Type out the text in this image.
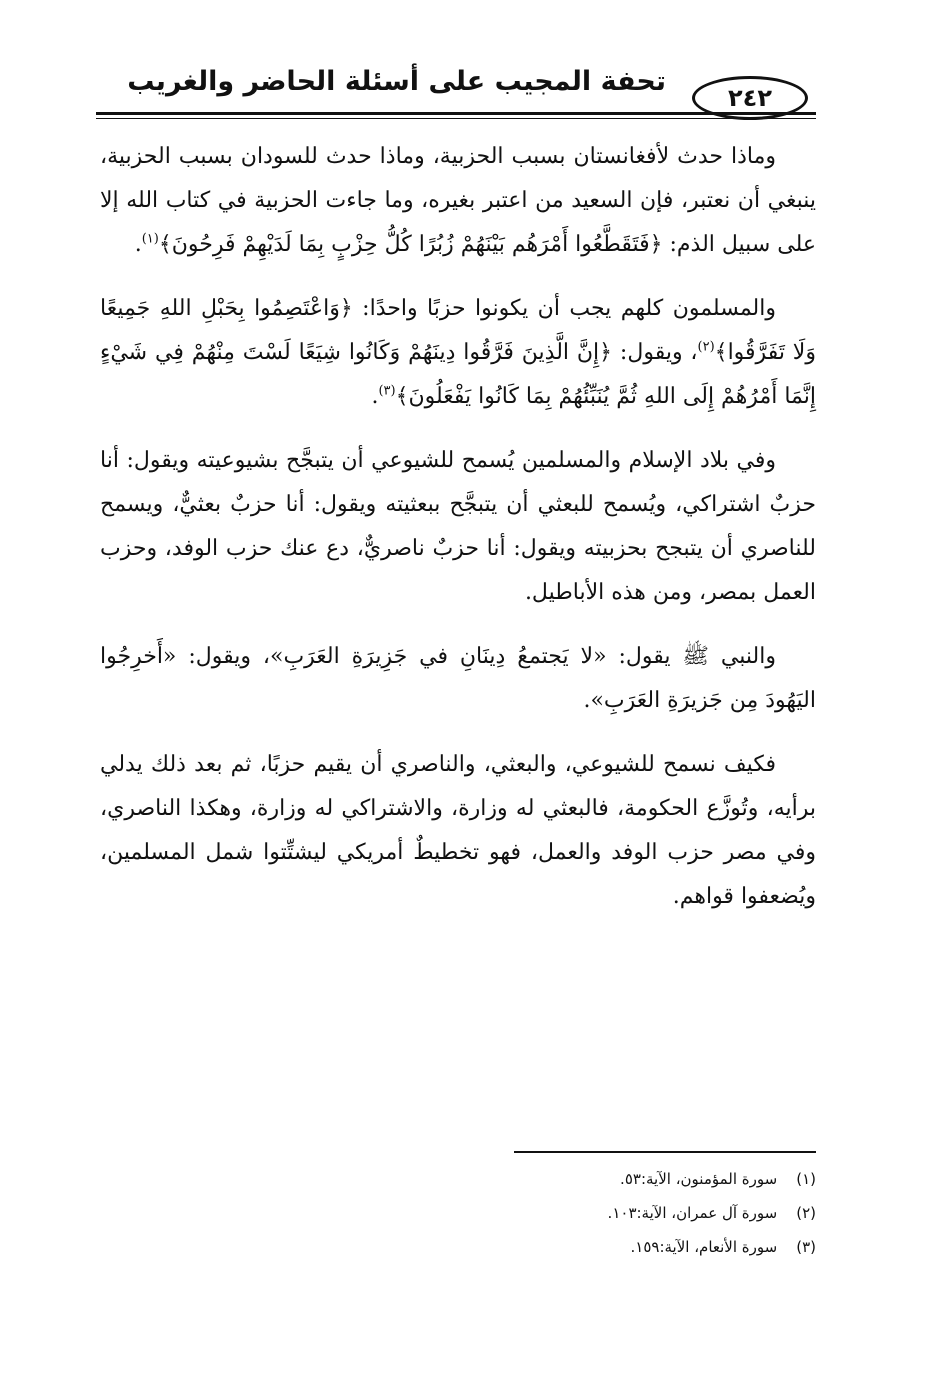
تحفة المجيب على أسئلة الحاضر والغريب
٢٤٢

وماذا حدث لأفغانستان بسبب الحزبية، وماذا حدث للسودان بسبب الحزبية، ينبغي أن نعتبر، فإن السعيد من اعتبر بغيره، وما جاءت الحزبية في كتاب الله إلا على سبيل الذم: ﴿فَتَقَطَّعُوا أَمْرَهُم بَيْنَهُمْ زُبُرًا كُلُّ حِزْبٍ بِمَا لَدَيْهِمْ فَرِحُونَ﴾$^{(١)}$.

والمسلمون كلهم يجب أن يكونوا حزبًا واحدًا: ﴿وَاعْتَصِمُوا بِحَبْلِ اللهِ جَمِيعًا وَلَا تَفَرَّقُوا﴾$^{(٢)}$، ويقول: ﴿إِنَّ الَّذِينَ فَرَّقُوا دِينَهُمْ وَكَانُوا شِيَعًا لَسْتَ مِنْهُمْ فِي شَيْءٍ إِنَّمَا أَمْرُهُمْ إِلَى اللهِ ثُمَّ يُنَبِّئُهُمْ بِمَا كَانُوا يَفْعَلُونَ﴾$^{(٣)}$.

وفي بلاد الإسلام والمسلمين يُسمح للشيوعي أن يتبجَّح بشيوعيته ويقول: أنا حزبٌ اشتراكي، ويُسمح للبعثي أن يتبجَّح ببعثيته ويقول: أنا حزبٌ بعثيٌّ، ويسمح للناصري أن يتبجح بحزبيته ويقول: أنا حزبٌ ناصريٌّ، دع عنك حزب الوفد، وحزب العمل بمصر، ومن هذه الأباطيل.

والنبي ﷺ يقول: «لا يَجتمعُ دِينَانِ في جَزِيرَةِ العَرَبِ»، ويقول: «أَخرِجُوا اليَهُودَ مِن جَزيرَةِ العَرَبِ».

فكيف نسمح للشيوعي، والبعثي، والناصري أن يقيم حزبًا، ثم بعد ذلك يدلي برأيه، وتُوزَّع الحكومة، فالبعثي له وزارة، والاشتراكي له وزارة، وهكذا الناصري، وفي مصر حزب الوفد والعمل، فهو تخطيطٌ أمريكي ليشتِّتوا شمل المسلمين، ويُضعفوا قواهم.

(١) سورة المؤمنون، الآية:٥٣.
(٢) سورة آل عمران، الآية:١٠٣.
(٣) سورة الأنعام، الآية:١٥٩.
